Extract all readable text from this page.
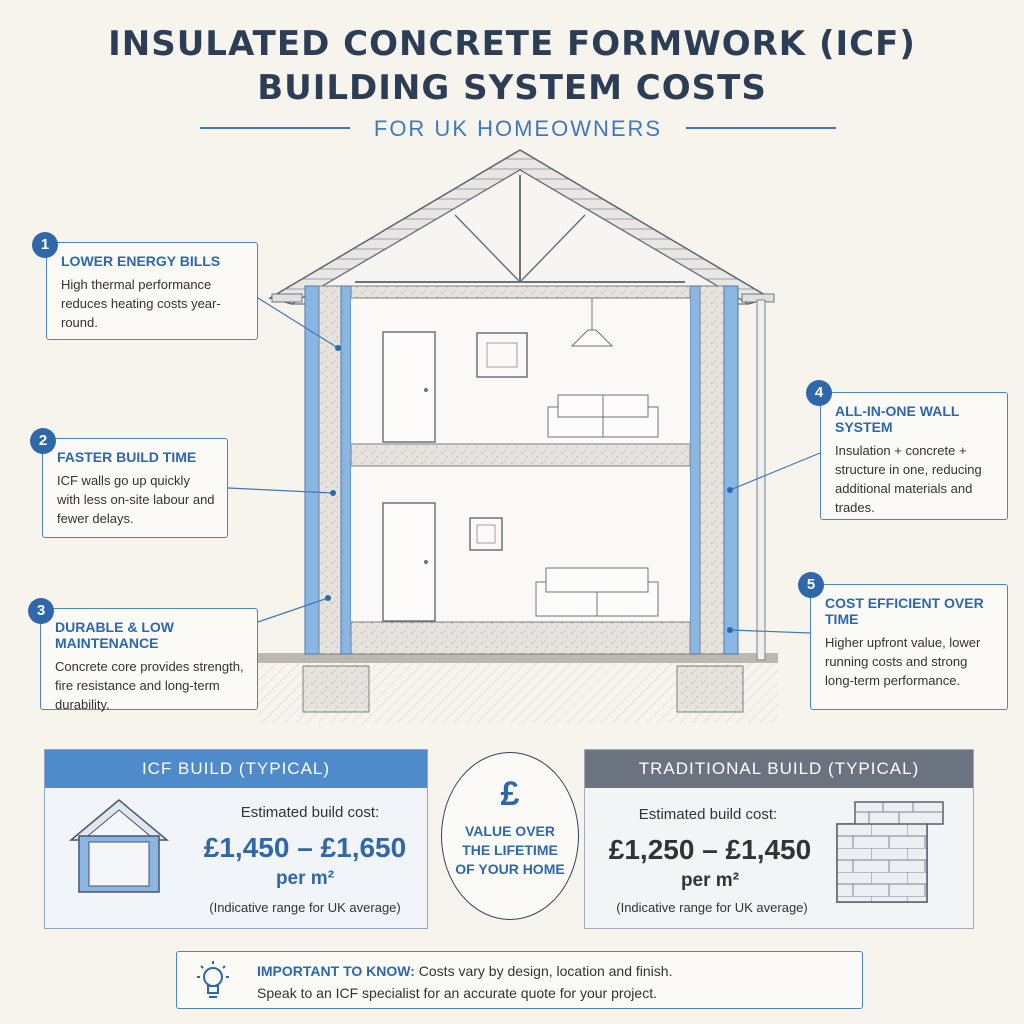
INSULATED CONCRETE FORMWORK (ICF)
BUILDING SYSTEM COSTS
FOR UK HOMEOWNERS
LOWER ENERGY BILLS
High thermal performance reduces heating costs year-round.
1
FASTER BUILD TIME
ICF walls go up quickly with less on-site labour and fewer delays.
2
DURABLE & LOW MAINTENANCE
Concrete core provides strength, fire resistance and long-term durability.
3
ALL-IN-ONE WALL SYSTEM
Insulation + concrete + structure in one, reducing additional materials and trades.
4
COST EFFICIENT OVER TIME
Higher upfront value, lower running costs and strong long-term performance.
5
ICF BUILD (TYPICAL)
Estimated build cost:
£1,450 – £1,650
per m²
(Indicative range for UK average)
£
VALUE OVER THE LIFETIME OF YOUR HOME
TRADITIONAL BUILD (TYPICAL)
Estimated build cost:
£1,250 – £1,450
per m²
(Indicative range for UK average)
IMPORTANT TO KNOW: Costs vary by design, location and finish.
Speak to an ICF specialist for an accurate quote for your project.
